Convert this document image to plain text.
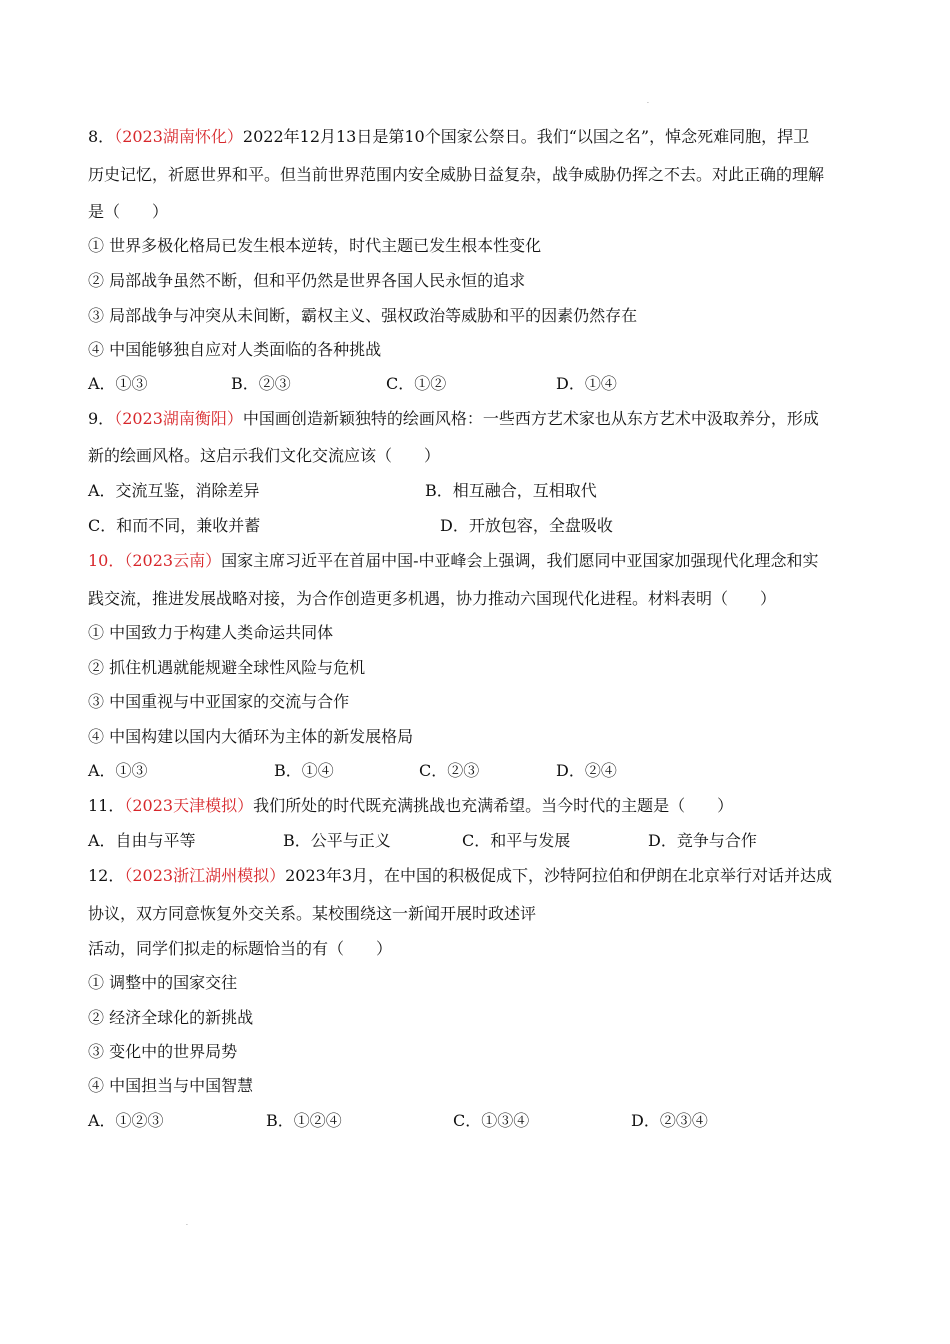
.
8．（2023湖南怀化）2022年12月13日是第10个国家公祭日。我们“以国之名”，悼念死难同胞，捍卫
历史记忆，祈愿世界和平。但当前世界范围内安全威胁日益复杂，战争威胁仍挥之不去。对此正确的理解
是（　　）
① 世界多极化格局已发生根本逆转，时代主题已发生根本性变化
② 局部战争虽然不断，但和平仍然是世界各国人民永恒的追求
③ 局部战争与冲突从未间断，霸权主义、强权政治等威胁和平的因素仍然存在
④ 中国能够独自应对人类面临的各种挑战
A．①③	B．②③	C．①②	D．①④
9．（2023湖南衡阳）中国画创造新颖独特的绘画风格：一些西方艺术家也从东方艺术中汲取养分，形成
新的绘画风格。这启示我们文化交流应该（　　）
A．交流互鉴，消除差异	B．相互融合，互相取代
C．和而不同，兼收并蓄	D．开放包容，全盘吸收
10．（2023云南）国家主席习近平在首届中国-中亚峰会上强调，我们愿同中亚国家加强现代化理念和实
践交流，推进发展战略对接，为合作创造更多机遇，协力推动六国现代化进程。材料表明（　　）
① 中国致力于构建人类命运共同体
② 抓住机遇就能规避全球性风险与危机
③ 中国重视与中亚国家的交流与合作
④ 中国构建以国内大循环为主体的新发展格局
A．①③	B．①④	C．②③	D．②④
11．（2023天津模拟）我们所处的时代既充满挑战也充满希望。当今时代的主题是（　　）
A．自由与平等	B．公平与正义	C．和平与发展	D．竞争与合作
12．（2023浙江湖州模拟）2023年3月，在中国的积极促成下，沙特阿拉伯和伊朗在北京举行对话并达成
协议，双方同意恢复外交关系。某校围绕这一新闻开展时政述评
活动，同学们拟走的标题恰当的有（　　）
① 调整中的国家交往
② 经济全球化的新挑战
③ 变化中的世界局势
④ 中国担当与中国智慧
A．①②③	B．①②④	C．①③④	D．②③④
.
